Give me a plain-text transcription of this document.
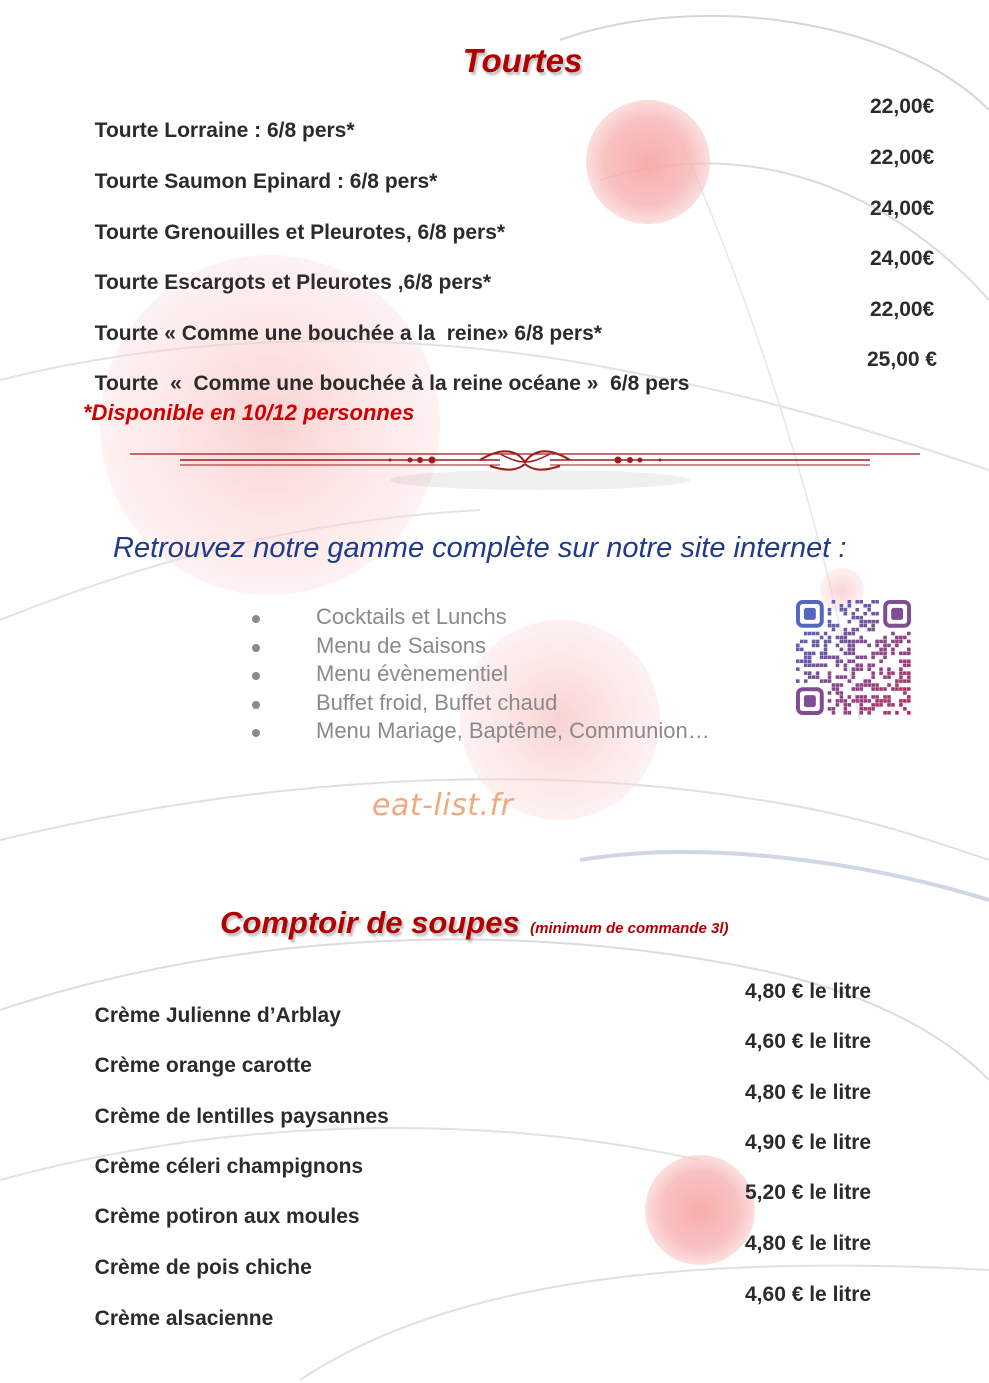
Tourtes

Tourte Lorraine : 6/8 pers*

22,00€

Tourte Saumon Epinard : 6/8 pers*

22,00€

Tourte Grenouilles et Pleurotes, 6/8 pers*

24,00€

Tourte Escargots et Pleurotes ,6/8 pers*

24,00€

Tourte « Comme une bouchée a la  reine» 6/8 pers*

22,00€

Tourte  «  Comme une bouchée à la reine océane »  6/8 pers

25,00 €

*Disponible en 10/12 personnes
Retrouvez notre gamme complète sur notre site internet :
Cocktails et Lunchs
Menu de Saisons
Menu évènementiel
Buffet froid, Buffet chaud
Menu Mariage, Baptême, Communion…
eat-list.fr
Comptoir de soupes (minimum de commande 3l)

Crème Julienne d’Arblay

4,80 € le litre

Crème orange carotte

4,60 € le litre

Crème de lentilles paysannes

4,80 € le litre

Crème céleri champignons

4,90 € le litre

Crème potiron aux moules

5,20 € le litre

Crème de pois chiche

4,80 € le litre

Crème alsacienne

4,60 € le litre
